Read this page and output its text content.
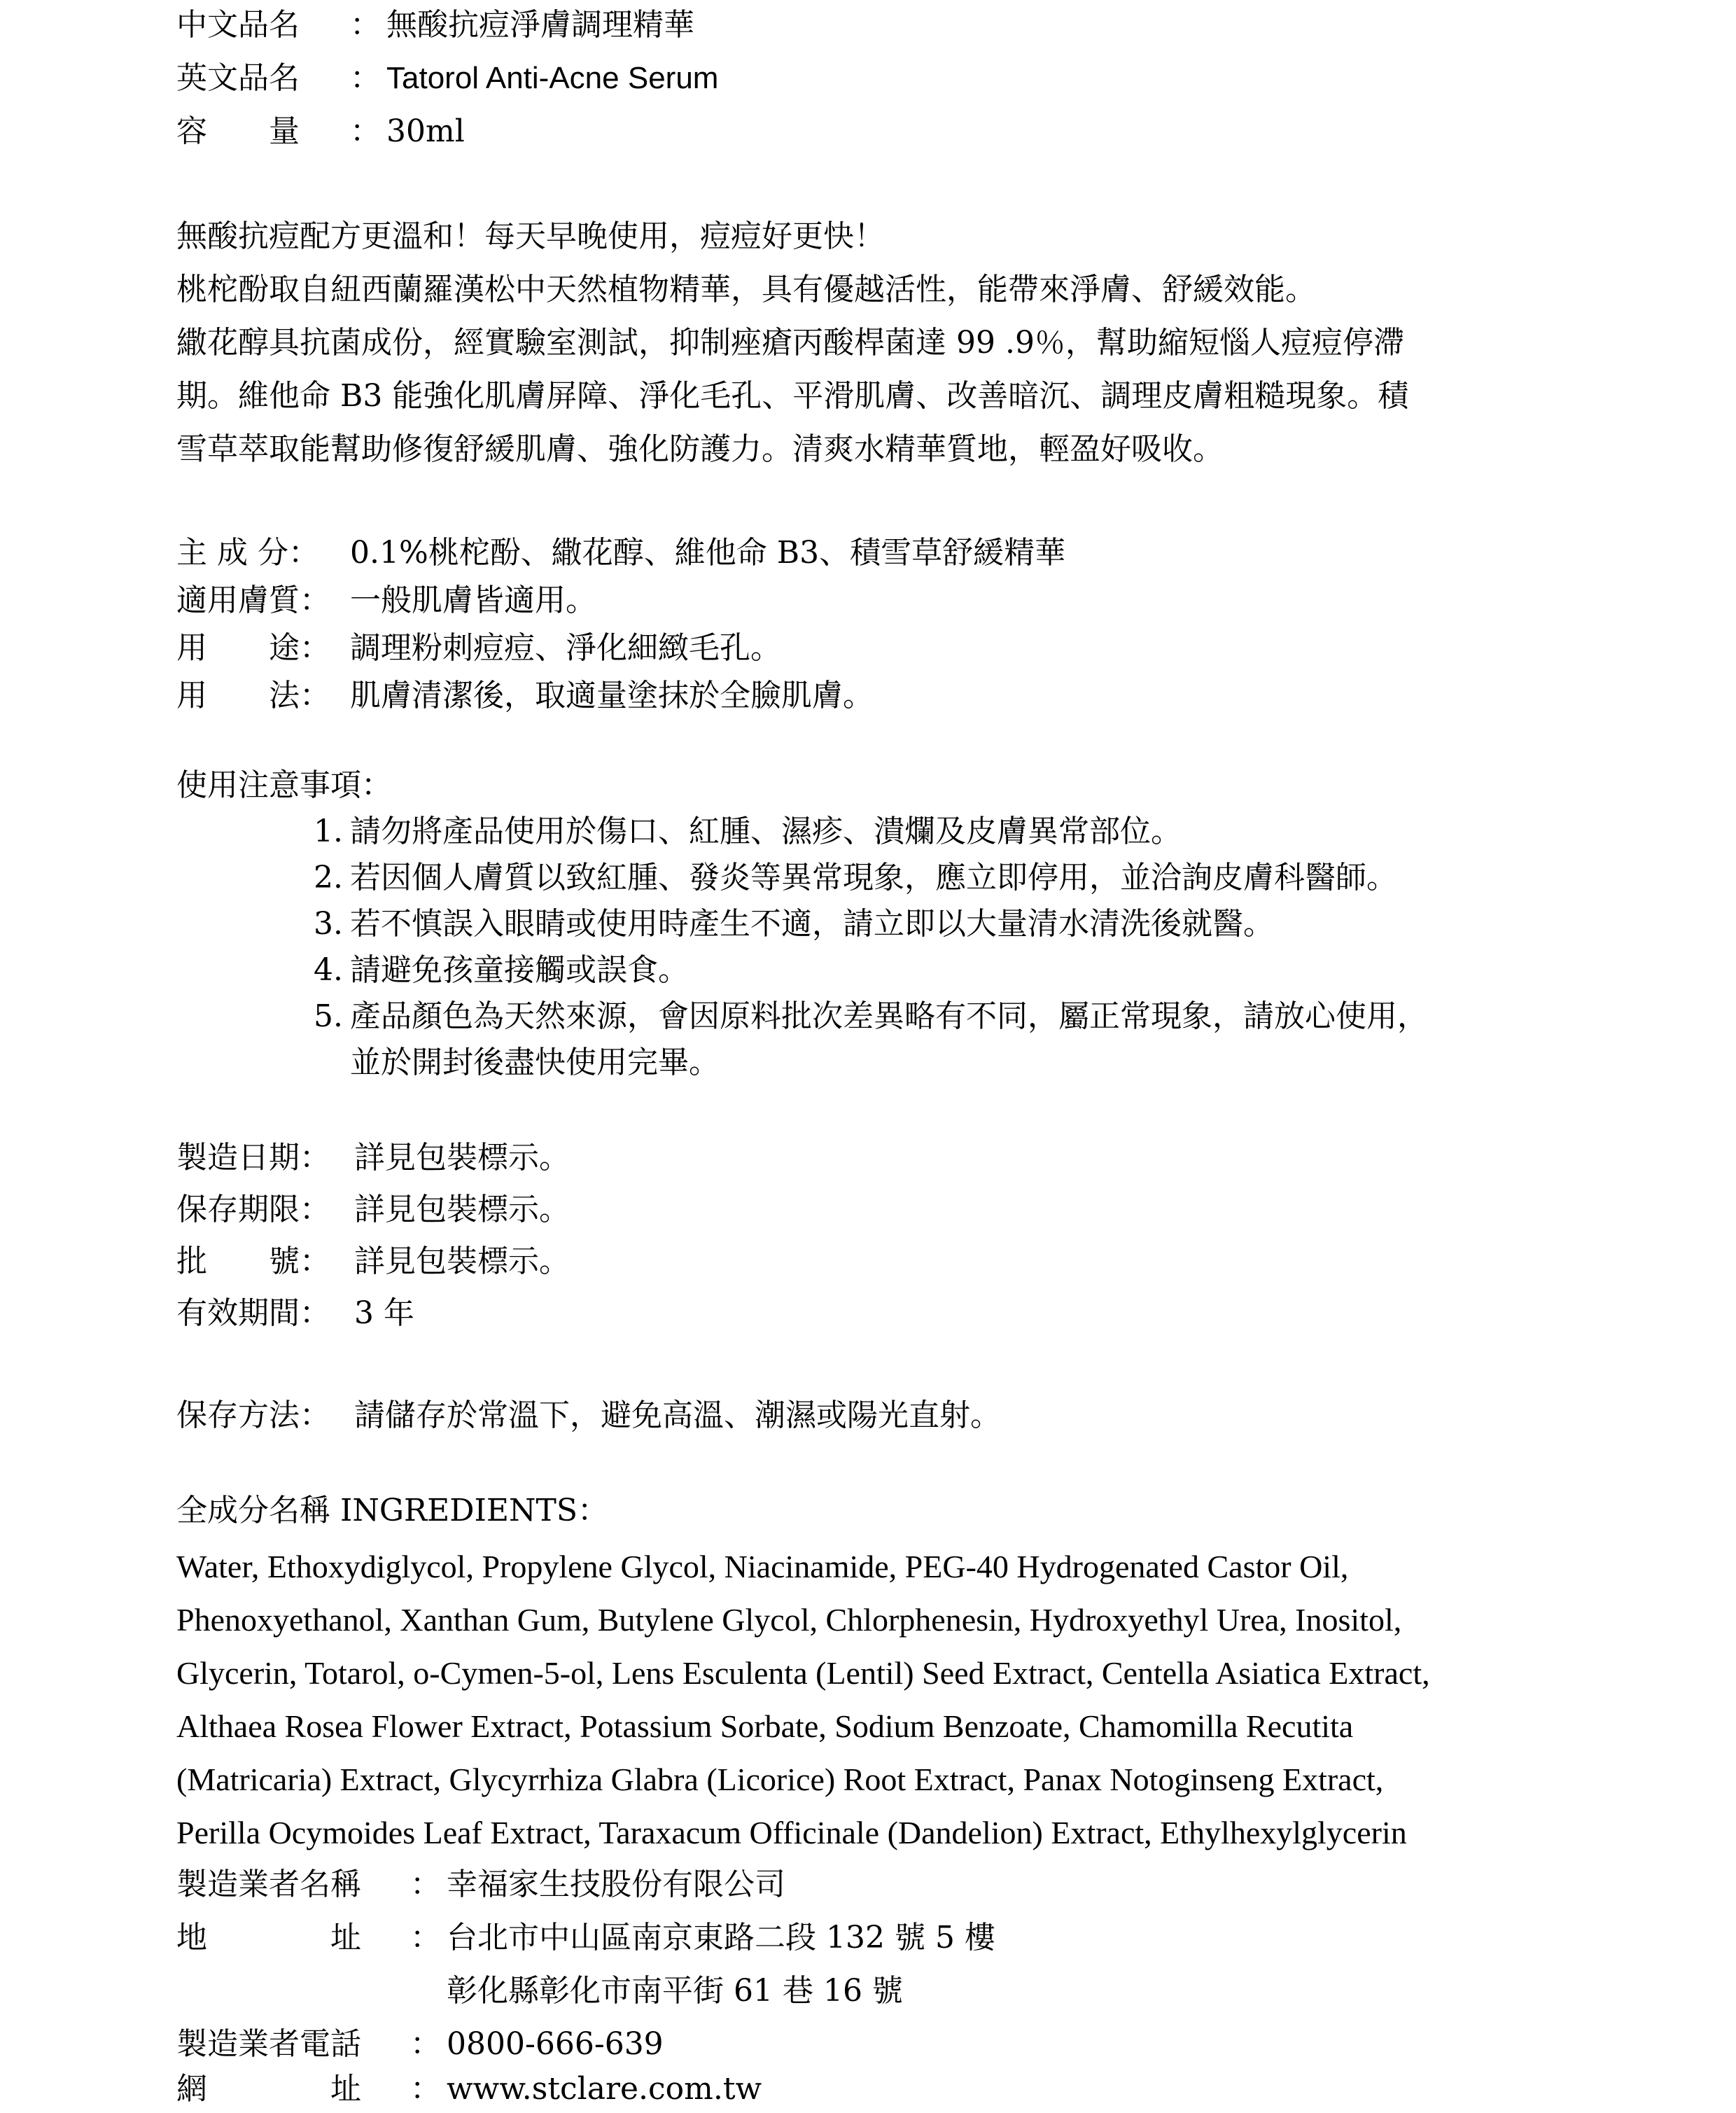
中文品名 ： 無酸抗痘淨膚調理精華
英文品名 ： Tatorol Anti-Acne Serum
容　　量 ： 30ml
無酸抗痘配方更溫和！每天早晚使用，痘痘好更快！
桃柁酚取自紐西蘭羅漢松中天然植物精華，具有優越活性，能帶來淨膚、舒緩效能。
繖花醇具抗菌成份，經實驗室測試，抑制痤瘡丙酸桿菌達 99 .9％，幫助縮短惱人痘痘停滯
期。維他命 B3 能強化肌膚屏障、淨化毛孔、平滑肌膚、改善暗沉、調理皮膚粗糙現象。積
雪草萃取能幫助修復舒緩肌膚、強化防護力。清爽水精華質地，輕盈好吸收。
主 成 分： 0.1%桃柁酚、繖花醇、維他命 B3、積雪草舒緩精華
適用膚質： 一般肌膚皆適用。
用　　途： 調理粉刺痘痘、淨化細緻毛孔。
用　　法： 肌膚清潔後，取適量塗抹於全臉肌膚。
使用注意事項：
1. 請勿將產品使用於傷口、紅腫、濕疹、潰爛及皮膚異常部位。
2. 若因個人膚質以致紅腫、發炎等異常現象，應立即停用，並洽詢皮膚科醫師。
3. 若不慎誤入眼睛或使用時產生不適，請立即以大量清水清洗後就醫。
4. 請避免孩童接觸或誤食。
5. 產品顏色為天然來源，會因原料批次差異略有不同，屬正常現象，請放心使用，
並於開封後盡快使用完畢。
製造日期： 詳見包裝標示。
保存期限： 詳見包裝標示。
批　　號： 詳見包裝標示。
有效期間： 3 年
保存方法： 請儲存於常溫下，避免高溫、潮濕或陽光直射。
全成分名稱 INGREDIENTS：
Water, Ethoxydiglycol, Propylene Glycol, Niacinamide, PEG-40 Hydrogenated Castor Oil,
Phenoxyethanol, Xanthan Gum, Butylene Glycol, Chlorphenesin, Hydroxyethyl Urea, Inositol,
Glycerin, Totarol, o-Cymen-5-ol, Lens Esculenta (Lentil) Seed Extract, Centella Asiatica Extract,
Althaea Rosea Flower Extract, Potassium Sorbate, Sodium Benzoate, Chamomilla Recutita
(Matricaria) Extract, Glycyrrhiza Glabra (Licorice) Root Extract, Panax Notoginseng Extract,
Perilla Ocymoides Leaf Extract, Taraxacum Officinale (Dandelion) Extract, Ethylhexylglycerin
製造業者名稱 ： 幸福家生技股份有限公司
地　　　　址 ： 台北市中山區南京東路二段 132 號 5 樓
彰化縣彰化市南平街 61 巷 16 號
製造業者電話 ： 0800-666-639
網　　　　址 ： www.stclare.com.tw
